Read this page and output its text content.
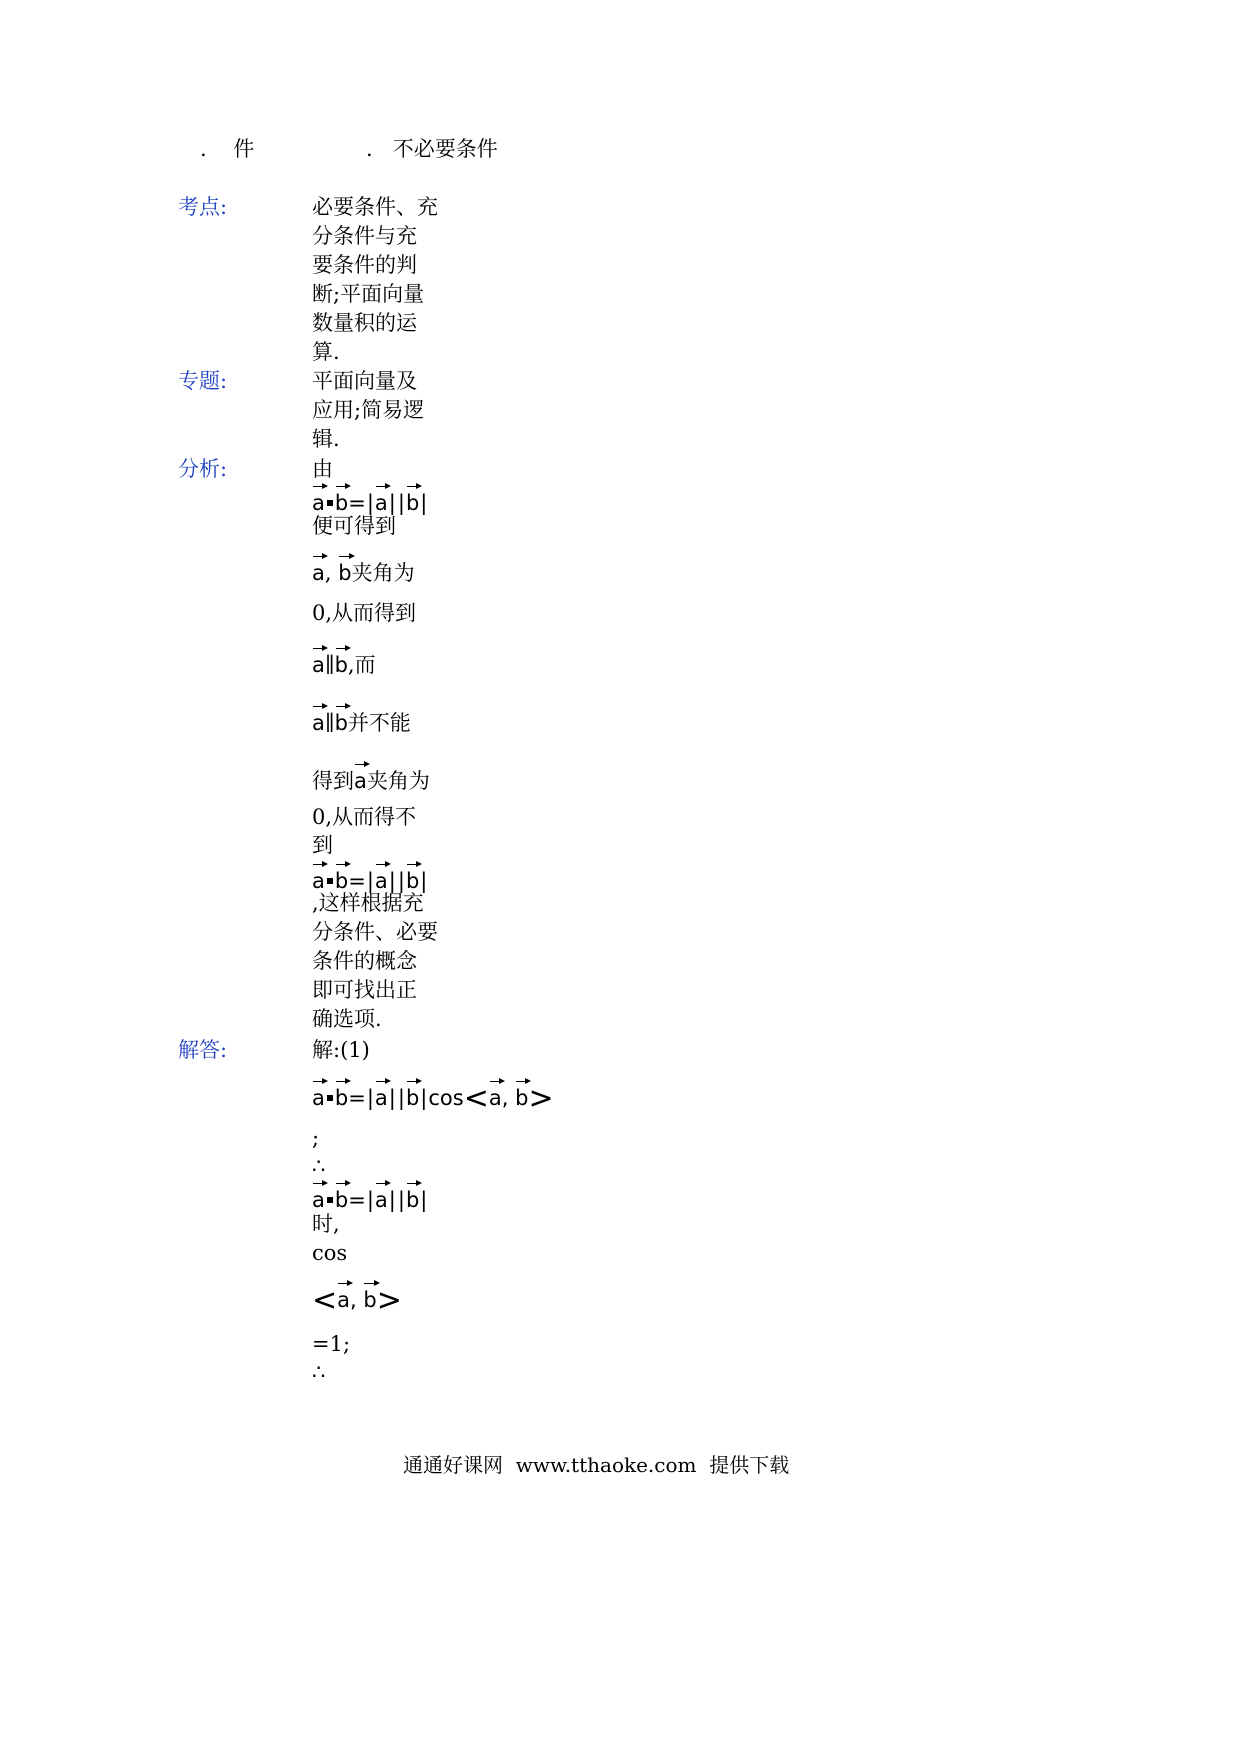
. 件	. 不必要条件
考点:	必要条件、充
分条件与充
要条件的判
断;平面向量
数量积的运
算.
专题:	平面向量及
应用;简易逻
辑.
分析:	由
a b=|a||b|
便可得到
a, b夹角为
0,从而得到
a∥b,而
a∥b并不能
得到a夹角为
0,从而得不
到
a b=|a||b|
,这样根据充
分条件、必要
条件的概念
即可找出正
确选项.
解答:	解:(1)
a b=|a||b|cos<a, b>
;
∴
a b=|a||b|
时,
cos
<a, b>
=1;
∴
通通好课网 www.tthaoke.com 提供下载
